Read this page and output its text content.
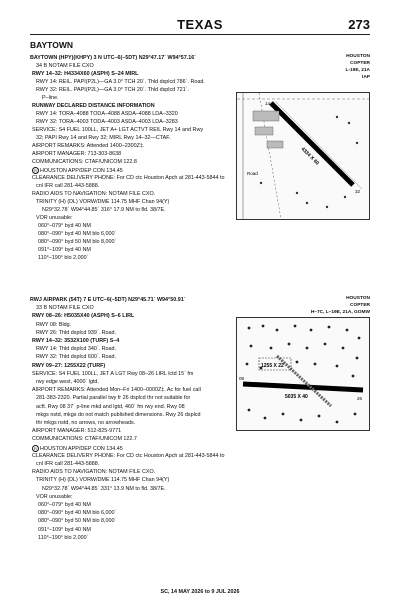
TEXAS	273
BAYTOWN
HOUSTON
COPTER
L-19E, 21A
IAP
BAYTOWN (HPY)(KHPY) 3 N UTC–6(–5DT) N29°47.17´ W94°57.16´
34 B NOTAM FILE CXO
RWY 14–32: H4334X60 (ASPH) S–24 MIRL
RWY 14: REIL. PAPI(P2L)—GA 3.0° TCH 20´. Thld dsplcd 786´. Road.
RWY 32: REIL. PAPI(P2L)—GA 3.0° TCH 20´. Thld dsplcd 721´.
P–line.
RUNWAY DECLARED DISTANCE INFORMATION
RWY 14: TORA–4088 TODA–4088 ASDA–4088 LDA–3320
RWY 32: TORA–4003 TODA–4003 ASDA–4003 LDA–3283
SERVICE: S4 FUEL 100LL, JET A+ LGT ACTVT REIL Rwy 14 and Rwy
32; PAPI Rwy 14 and Rwy 32; MIRL Rwy 14–32—CTAF.
AIRPORT REMARKS: Attended 1400–2300Z‡.
AIRPORT MANAGER: 713-303-8638
COMMUNICATIONS: CTAF/UNICOM 122.8
R HOUSTON APP/DEP CON 134.45
CLEARANCE DELIVERY PHONE: For CD ctc Houston Apch at 281-443-5844 to
cnl IFR call 281-443-5888.
RADIO AIDS TO NAVIGATION: NOTAM FILE CXO.
TRINITY (H) (DL) VORW/DME 114.75 MHF Chan 94(Y)
N29°32.78´ W94°44.85´ 316° 17.9 NM to fld. 38/7E.
VOR unusable:
060°–079° byd 40 NM
080°–090° byd 40 NM blo 6,000´
080°–090° byd 50 NM blo 8,000´
091°–109° byd 40 NM
110°–190° blo 2,000´
Road
4334 X 60
14
32
HOUSTON
COPTER
H–7C, L–19E, 21A, GOMW
RWJ AIRPARK (54T) 7 E UTC–6(–5DT) N29°45.71´ W94°50.91´
33 B NOTAM FILE CXO
RWY 08–26: H5035X40 (ASPH) S–6 LIRL
RWY 08: Bldg.
RWY 26: Thld dsplcd 939´. Road.
RWY 14–32: 3532X100 (TURF) S–4
RWY 14: Thld dsplcd 340´. Road.
RWY 32: Thld dsplcd 600´. Road.
RWY 09–27: 1255X22 (TURF)
SERVICE: S4 FUEL 100LL, JET A LGT Rwy 08–26 LIRL lctd 15´ fm
rwy edge west, 4000´ lgtd.
AIRPORT REMARKS: Attended Mon–Fri 1400–0000Z‡. Ac for fuel call
281-383-2320. Partial parallel twy fr 26 dsplcd thr not suitable for
acft. Rwy 08 37´ p-line mkd and lgtd, 460´ fm rwy end. Rwy 08
mkgs nstd, mkgs do not match published dimensions. Rwy 26 dsplcd
thr mkgs nstd, no arrows, no arrowheads.
AIRPORT MANAGER: 512-825-9771
COMMUNICATIONS: CTAF/UNICOM 122.7
R HOUSTON APP/DEP CON 134.45
CLEARANCE DELIVERY PHONE: For CD ctc Houston Apch at 281-443-5844 to
cnl IFR call 281-443-5888.
RADIO AIDS TO NAVIGATION: NOTAM FILE CXO.
TRINITY (H) (DL) VORW/DME 114.75 MHF Chan 94(Y)
N29°32.78´ W94°44.85´ 331° 13.9 NM to fld. 38/7E.
VOR unusable:
060°–079° byd 40 NM
080°–090° byd 40 NM blo 6,000´
080°–090° byd 50 NM blo 8,000´
091°–109° byd 40 NM
110°–190° blo 2,000´
1255 X 22
5035 X 40
08
26
SC, 14 MAY 2026 to 9 JUL 2026
